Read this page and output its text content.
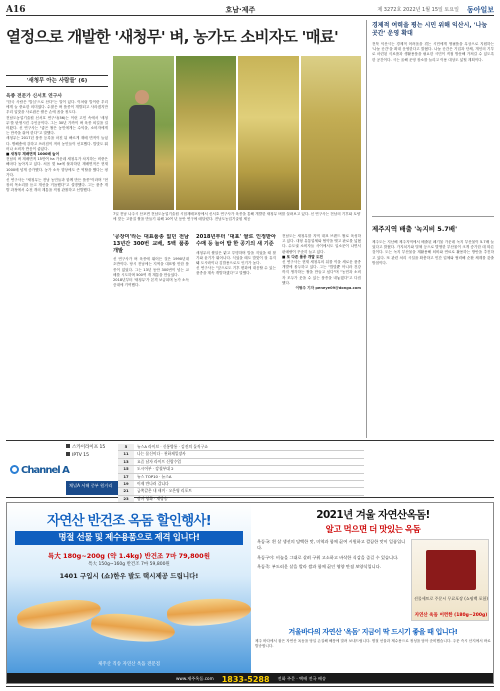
A16	호남·제주	제 3272호 2022년 1월 15일 토요일 동아일보
열정으로 개발한 '새청무' 벼, 농가도 소비자도 '매료'
'새청무 아는 사람들' (6)
육종 전문가 신서호 연구사

"한국 사람은 '밥심'으로 산다"는 말이 있다. 이처럼 밥이란 우리에게 늘 중요한 의미였다. 수많은 벼 품종이 개발되고 사라졌지만 우리 입맛을 사로잡은 쌀은 손에 꼽을 정도다.

전남도농업기술원 신서호 연구사(56)는 이런 고민 속에서 '새청무'를 탄생시킨 주인공이다. 그는 30년 가까이 벼 육종 외길을 걸어왔다. 신 연구사는 "좋은 쌀은 농민에게는 수익을, 소비자에게는 만족을 줘야 한다"고 말했다.

새청무는 2017년 품종 등록을 마친 뒤 빠르게 재배 면적이 늘었다. 병해충에 강하고 쓰러짐이 적어 농민들이 선호했다. 밥맛도 뛰어나 소비자 반응이 좋았다.

■ 새청무 재배면적 1000배 늘어

전남의 벼 재배면적 15만여 ha 가운데 새청무가 차지하는 비중은 해마다 높아지고 있다. 처음 몇 ha에 불과하던 재배면적은 현재 1000배 넘게 증가했다. 농가 소득 향상에도 큰 역할을 했다는 평가다.

신 연구사는 "새청무는 전남 농민들과 함께 만든 품종"이라며 "현장의 목소리를 듣고 개선을 거듭했다"고 설명했다. 그는 품종 개발 과정에서 수천 개의 계통을 직접 관찰하고 선발했다.

7일 전남 나주시 산포면 전남도농업기술원 시험재배포장에서 신서호 연구사가 육종을 통해 개발한 새청무 벼를 살펴보고 있다. 신 연구사는 전남의 기후와 토양에 맞는 고품질 쌀을 만들기 위해 10여 년 동안 연구에 매달렸다. 전남도농업기술원 제공

'공장미'라는 대표품종 없던 전남 13년간 300번 교배, 5백 품종 개발

신 연구사가 벼 육종에 뛰어든 것은 1990년대 초반이다. 당시 전남에는 지역을 대표할 만한 품종이 없었다. 그는 13년 동안 300번이 넘는 교배를 시도하며 500여 개 계통을 만들었다.

2018년부터 '새청무'가 본격 보급되며 농가 소득 증대에 기여했다.

2018년부터 '대표' 쌀로 인정받아 수매 등 늘어 밥 한 공기의 새 기준

새청무의 쌀알은 맑고 투명하며 밥을 지었을 때 찰기와 윤기가 뛰어나다. 식었을 때도 밥맛이 잘 유지돼 도시락이나 김밥용으로도 인기가 높다.

신 연구사는 "앞으로도 기후 변화에 대응할 수 있는 품종을 계속 개발하겠다"고 말했다.

전남도는 새청무를 지역 대표 브랜드 쌀로 육성하고 있다. 대형 유통업체와 협약을 맺고 판로를 넓혔다. 수도권 소비자들 사이에서도 입소문이 나면서 판매량이 꾸준히 늘고 있다.

■ 또 다른 품종 개발 도전

신 연구사는 현재 새청무의 뒤를 이을 새로운 품종 개발에 몰두하고 있다. 그는 "밥맛뿐 아니라 건강까지 생각하는 쌀을 만들고 싶다"며 "농민과 소비자 모두가 웃을 수 있는 품종을 내놓겠다"고 다짐했다.

이형주 기자 peneye09@donga.com

경제적 여력을 평는 시민 위해 익산시, '나눔 곳간' 운영 확대
전북 익산시는 경제적 어려움을 겪는 시민에게 생필품을 무상으로 지원하는 '나눔 곳간'을 확대 운영한다고 밝혔다. 나눔 곳간은 기업과 단체, 개인의 기부로 마련된 식료품과 생활용품을 필요한 시민이 직접 방문해 가져갈 수 있도록 한 공간이다. 시는 올해 운영 장소를 늘리고 이용 대상도 넓힐 계획이다.
제주지역 배출 '녹지비 5.7배'
제주도는 지난해 제주지역에서 배출된 폐기물 가운데 녹지 부산물이 5.7배 늘었다고 밝혔다. 가지치기와 벌채 등으로 발생한 부산물이 크게 증가한 데 따른 것이다. 도는 녹지 부산물을 재활용해 퇴비와 연료로 활용하는 방안을 추진하고 있다. 또 관련 처리 시설을 확충하고 민간 업체와 협력해 순환 체계를 갖출 방침이다.
Channel A
스카이라이프 15
IPTV 15
채널A 서해 중부 원거리
5	뉴스A 라이브 · 신통방통 · 김진의 돌직구쇼
11	나는 몸신이다 · 천하제일장사
13	요즘 남자 라이프 신랑수업
15	도시어부 · 강철부대 2
17	뉴스 TOP10 · 뉴스A
19	이제 만나러 갑니다
21	금쪽같은 내 새끼 · 오은영 리포트
23	심야 영화 · 재방송
자연산 반건조 옥돔 할인행사!
명절 선물 및 제수용품으로 제격 입니다!
특大 180g~200g (약 1.4kg) 반건조 7마 79,800원
특大 150g~160g 반건조 7마 59,800원
1401 구입시 (쇼)한우 발도 택시제공 드립니다!
제주산 직송 자연산 옥돔 전문점
2021년 겨울 자연산옥돔!
알고 먹으면 더 맛있는 옥돔

옥돔국: 흰 살 생선의 담백한 맛, 미역과 함께 끓여 시원하고 깔끔한 맛이 일품입니다.

옥돔구이: 비늘을 그대로 살려 구워 고소하고 바삭한 식감을 즐길 수 있습니다.

옥돔죽: 부드러운 살을 발라 쌀과 함께 끓인 영양 만점 보양식입니다.

선물세트로 주문시 무료포장 (쇼핑백 포함)
자연산 옥돔 어련한 (180g~200g)
겨울바다의 자연산 '옥돔' 지금이 딱 드시기 좋을 때 입니다!
제주 바다에서 잡은 자연산 옥돔을 당일 손질해 해풍에 말려 보내드립니다. 명절 선물과 제수용으로 정성을 담아 준비했습니다. 주문 즉시 산지에서 바로 발송합니다.
www.제주옥돔.com 1833-5288 전화 주문 · 택배 전국 배송
